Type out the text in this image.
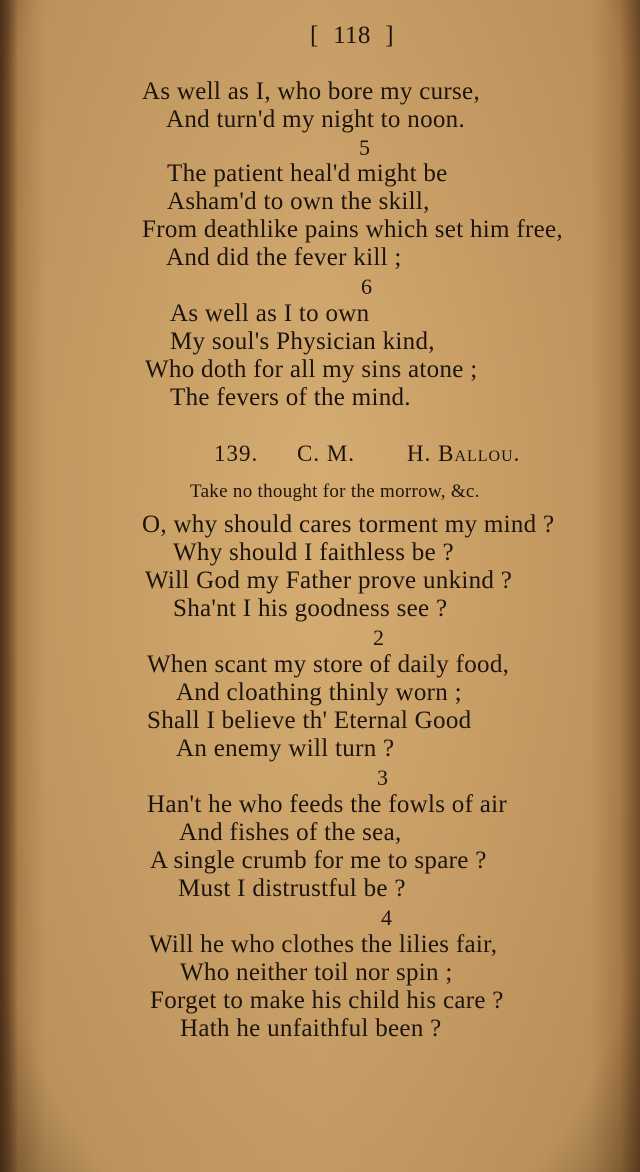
[ 118 ]
As well as I, who bore my curse,
And turn'd my night to noon.
5
The patient heal'd might be
Asham'd to own the skill,
From deathlike pains which set him free,
And did the fever kill ;
6
As well as I to own
My soul's Physician kind,
Who doth for all my sins atone ;
The fevers of the mind.
139. C. M. H. Ballou.
Take no thought for the morrow, &c.
O, why should cares torment my mind ?
Why should I faithless be ?
Will God my Father prove unkind ?
Sha'nt I his goodness see ?
2
When scant my store of daily food,
And cloathing thinly worn ;
Shall I believe th' Eternal Good
An enemy will turn ?
3
Han't he who feeds the fowls of air
And fishes of the sea,
A single crumb for me to spare ?
Must I distrustful be ?
4
Will he who clothes the lilies fair,
Who neither toil nor spin ;
Forget to make his child his care ?
Hath he unfaithful been ?
